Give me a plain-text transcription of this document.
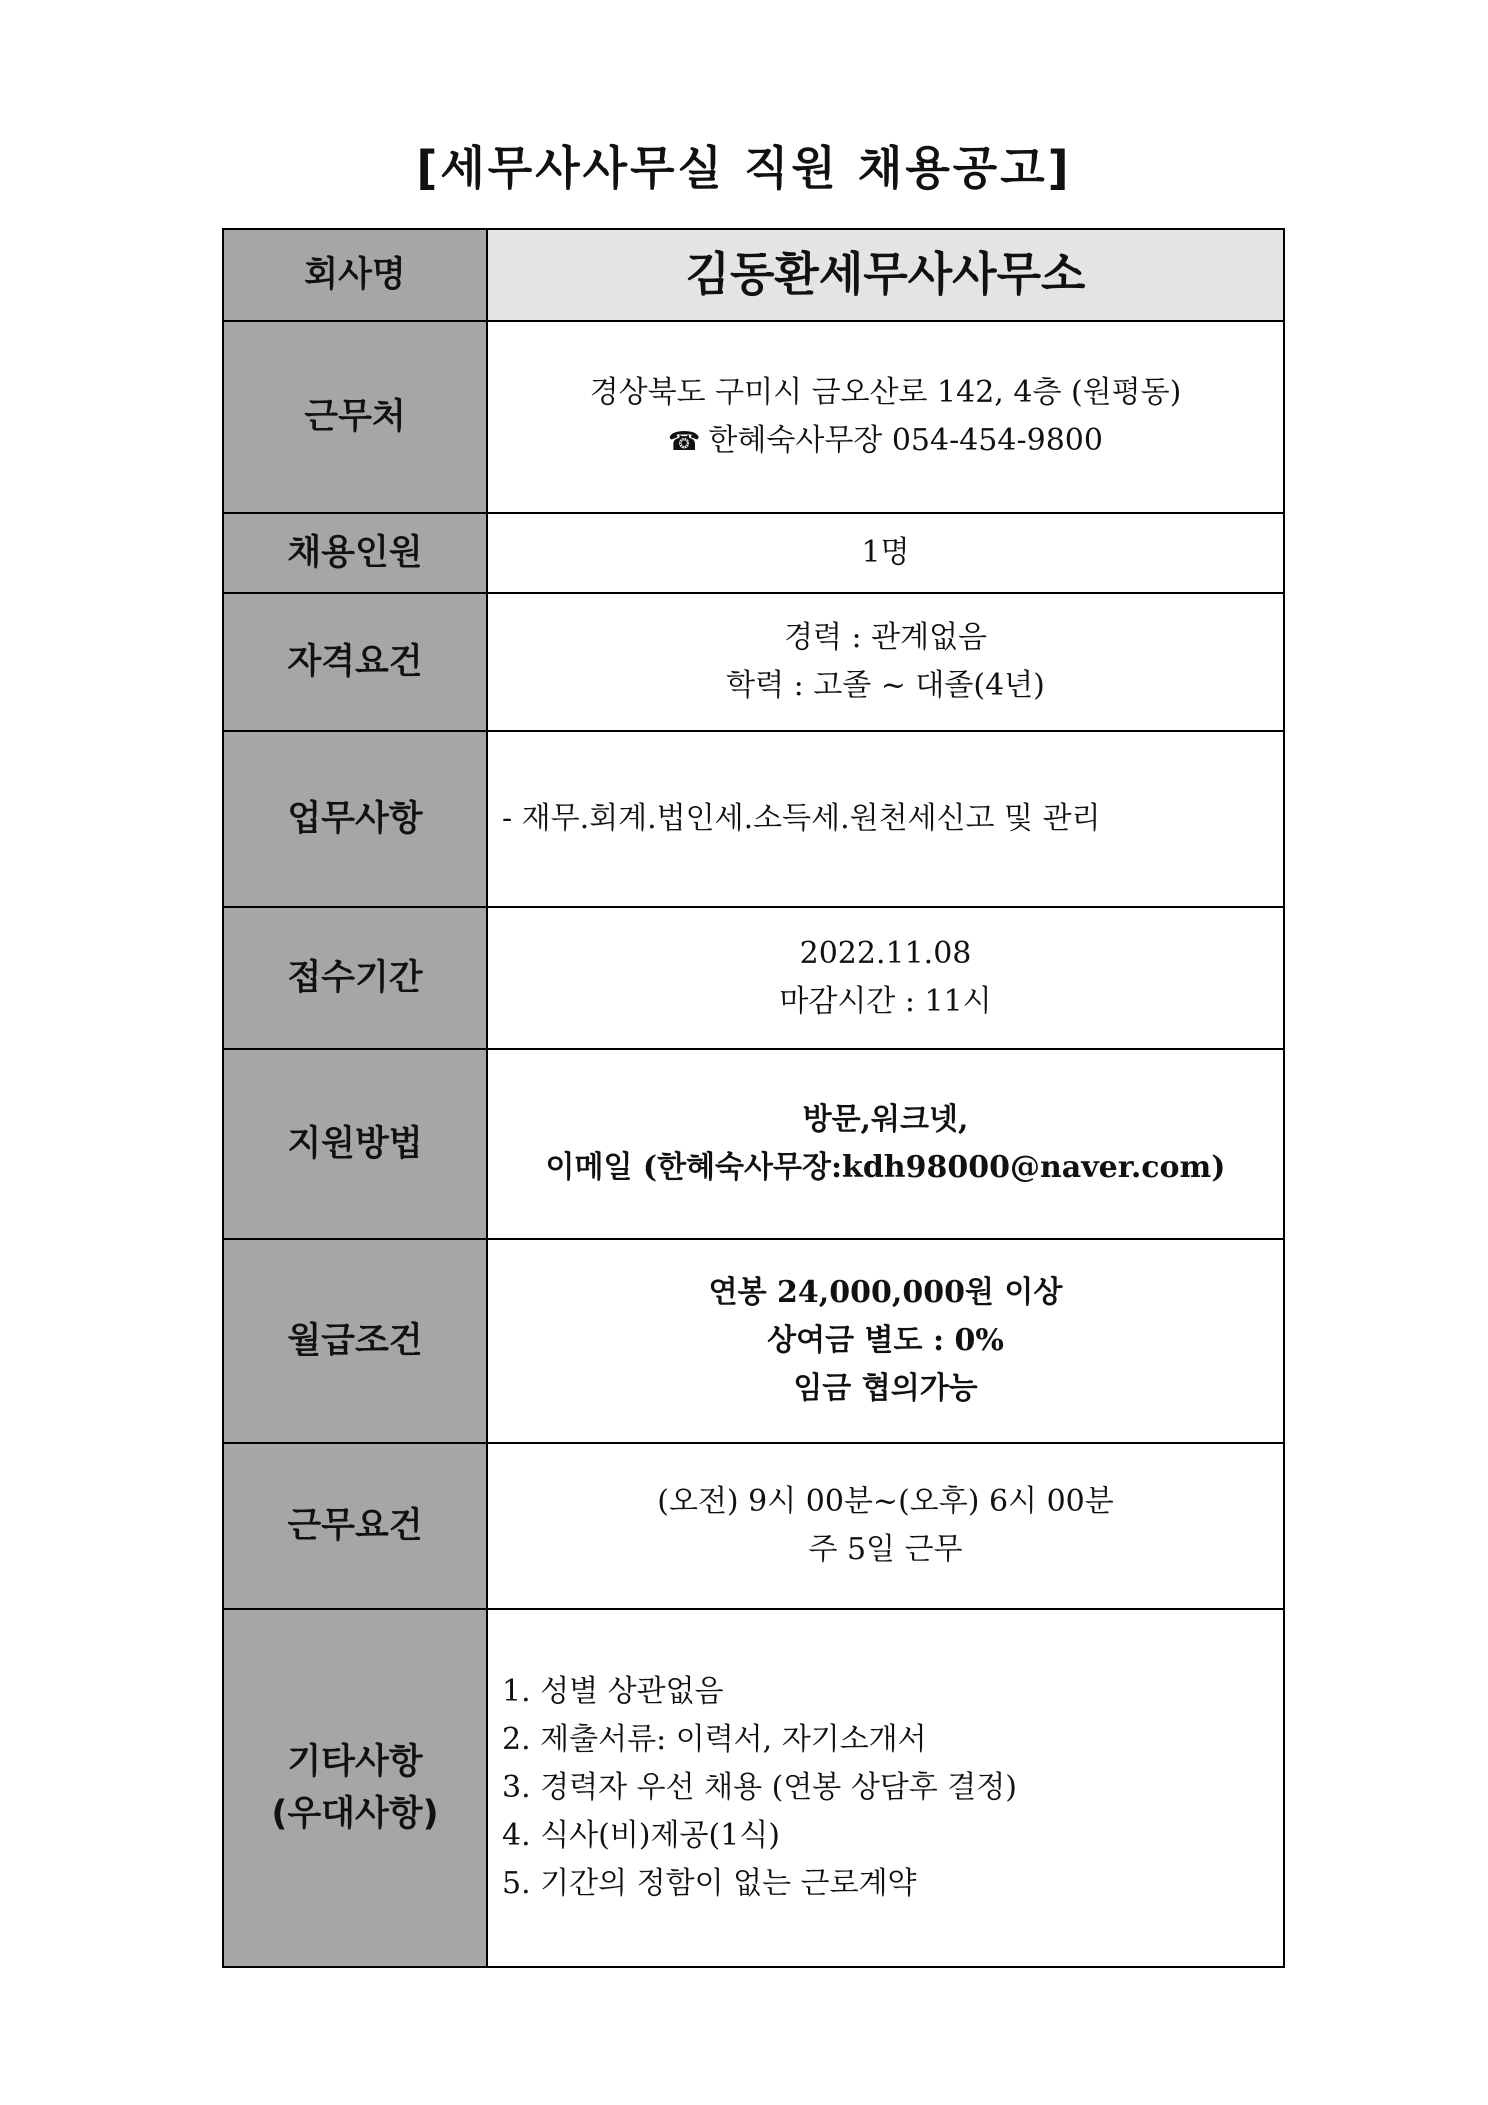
[세무사사무실 직원 채용공고]
회사명	김동환세무사사무소
근무처	경상북도 구미시 금오산로 142, 4층 (원평동)
☎ 한혜숙사무장 054-454-9800

채용인원	1명
자격요건	경력 : 관계없음
학력 : 고졸 ~ 대졸(4년)

업무사항	- 재무.회계.법인세.소득세.원천세신고 및 관리
접수기간	2022.11.08
마감시간 : 11시

지원방법	방문,워크넷,
이메일 (한혜숙사무장:kdh98000@naver.com)

월급조건	연봉 24,000,000원 이상
상여금 별도 : 0%
임금 협의가능

근무요건	(오전) 9시 00분~(오후) 6시 00분
주 5일 근무

기타사항
(우대사항)	1. 성별 상관없음
2. 제출서류: 이력서, 자기소개서
3. 경력자 우선 채용 (연봉 상담후 결정)
4. 식사(비)제공(1식)
5. 기간의 정함이 없는 근로계약
